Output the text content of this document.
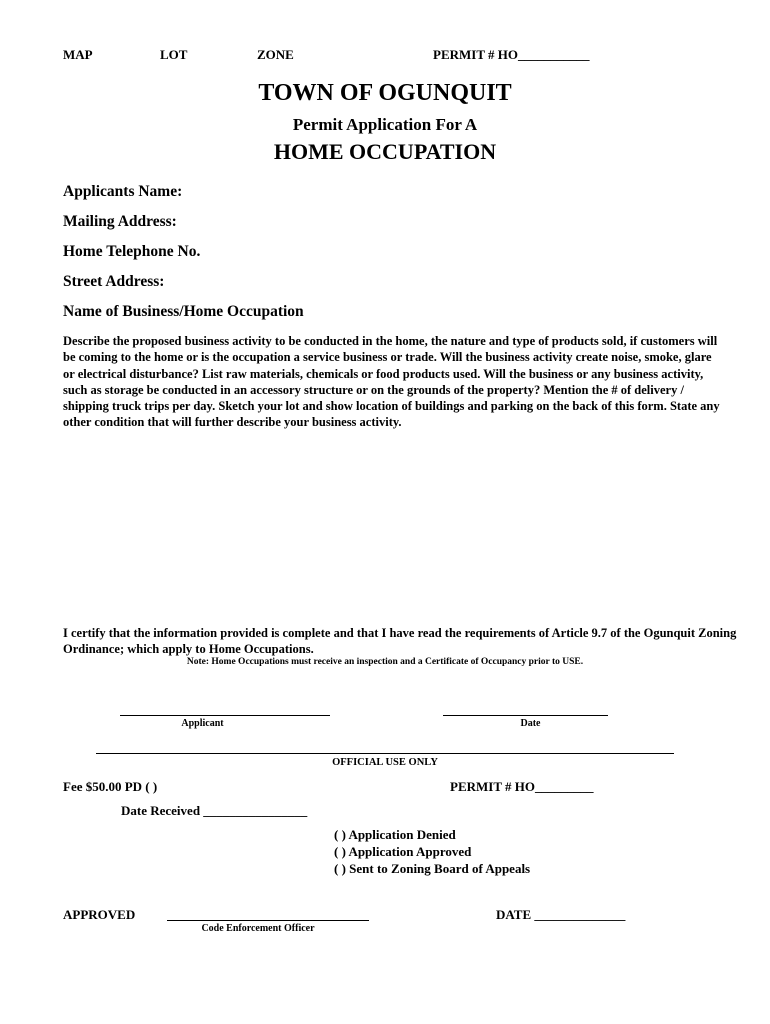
MAP	LOT	ZONE	PERMIT # HO___________
TOWN OF OGUNQUIT
Permit Application For A
HOME OCCUPATION
Applicants Name:
Mailing Address:
Home Telephone No.
Street Address:
Name of Business/Home Occupation
Describe the proposed business activity to be conducted in the home, the nature and type of products sold, if customers will be coming to the home or is the occupation a service business or trade. Will the business activity create noise, smoke, glare or electrical disturbance? List raw materials, chemicals or food products used. Will the business or any business activity, such as storage be conducted in an accessory structure or on the grounds of the property? Mention the # of delivery / shipping truck trips per day. Sketch your lot and show location of buildings and parking on the back of this form. State any other condition that will further describe your business activity.
I certify that the information provided is complete and that I have read the requirements of Article 9.7 of the Ogunquit Zoning Ordinance; which apply to Home Occupations.
Note: Home Occupations must receive an inspection and a Certificate of Occupancy prior to USE.
Applicant	Date
OFFICIAL USE ONLY
Fee $50.00 PD ( )	PERMIT # HO_________
Date Received ________________
( ) Application Denied
( ) Application Approved
( ) Sent to Zoning Board of Appeals
APPROVED
Code Enforcement Officer
DATE ______________
